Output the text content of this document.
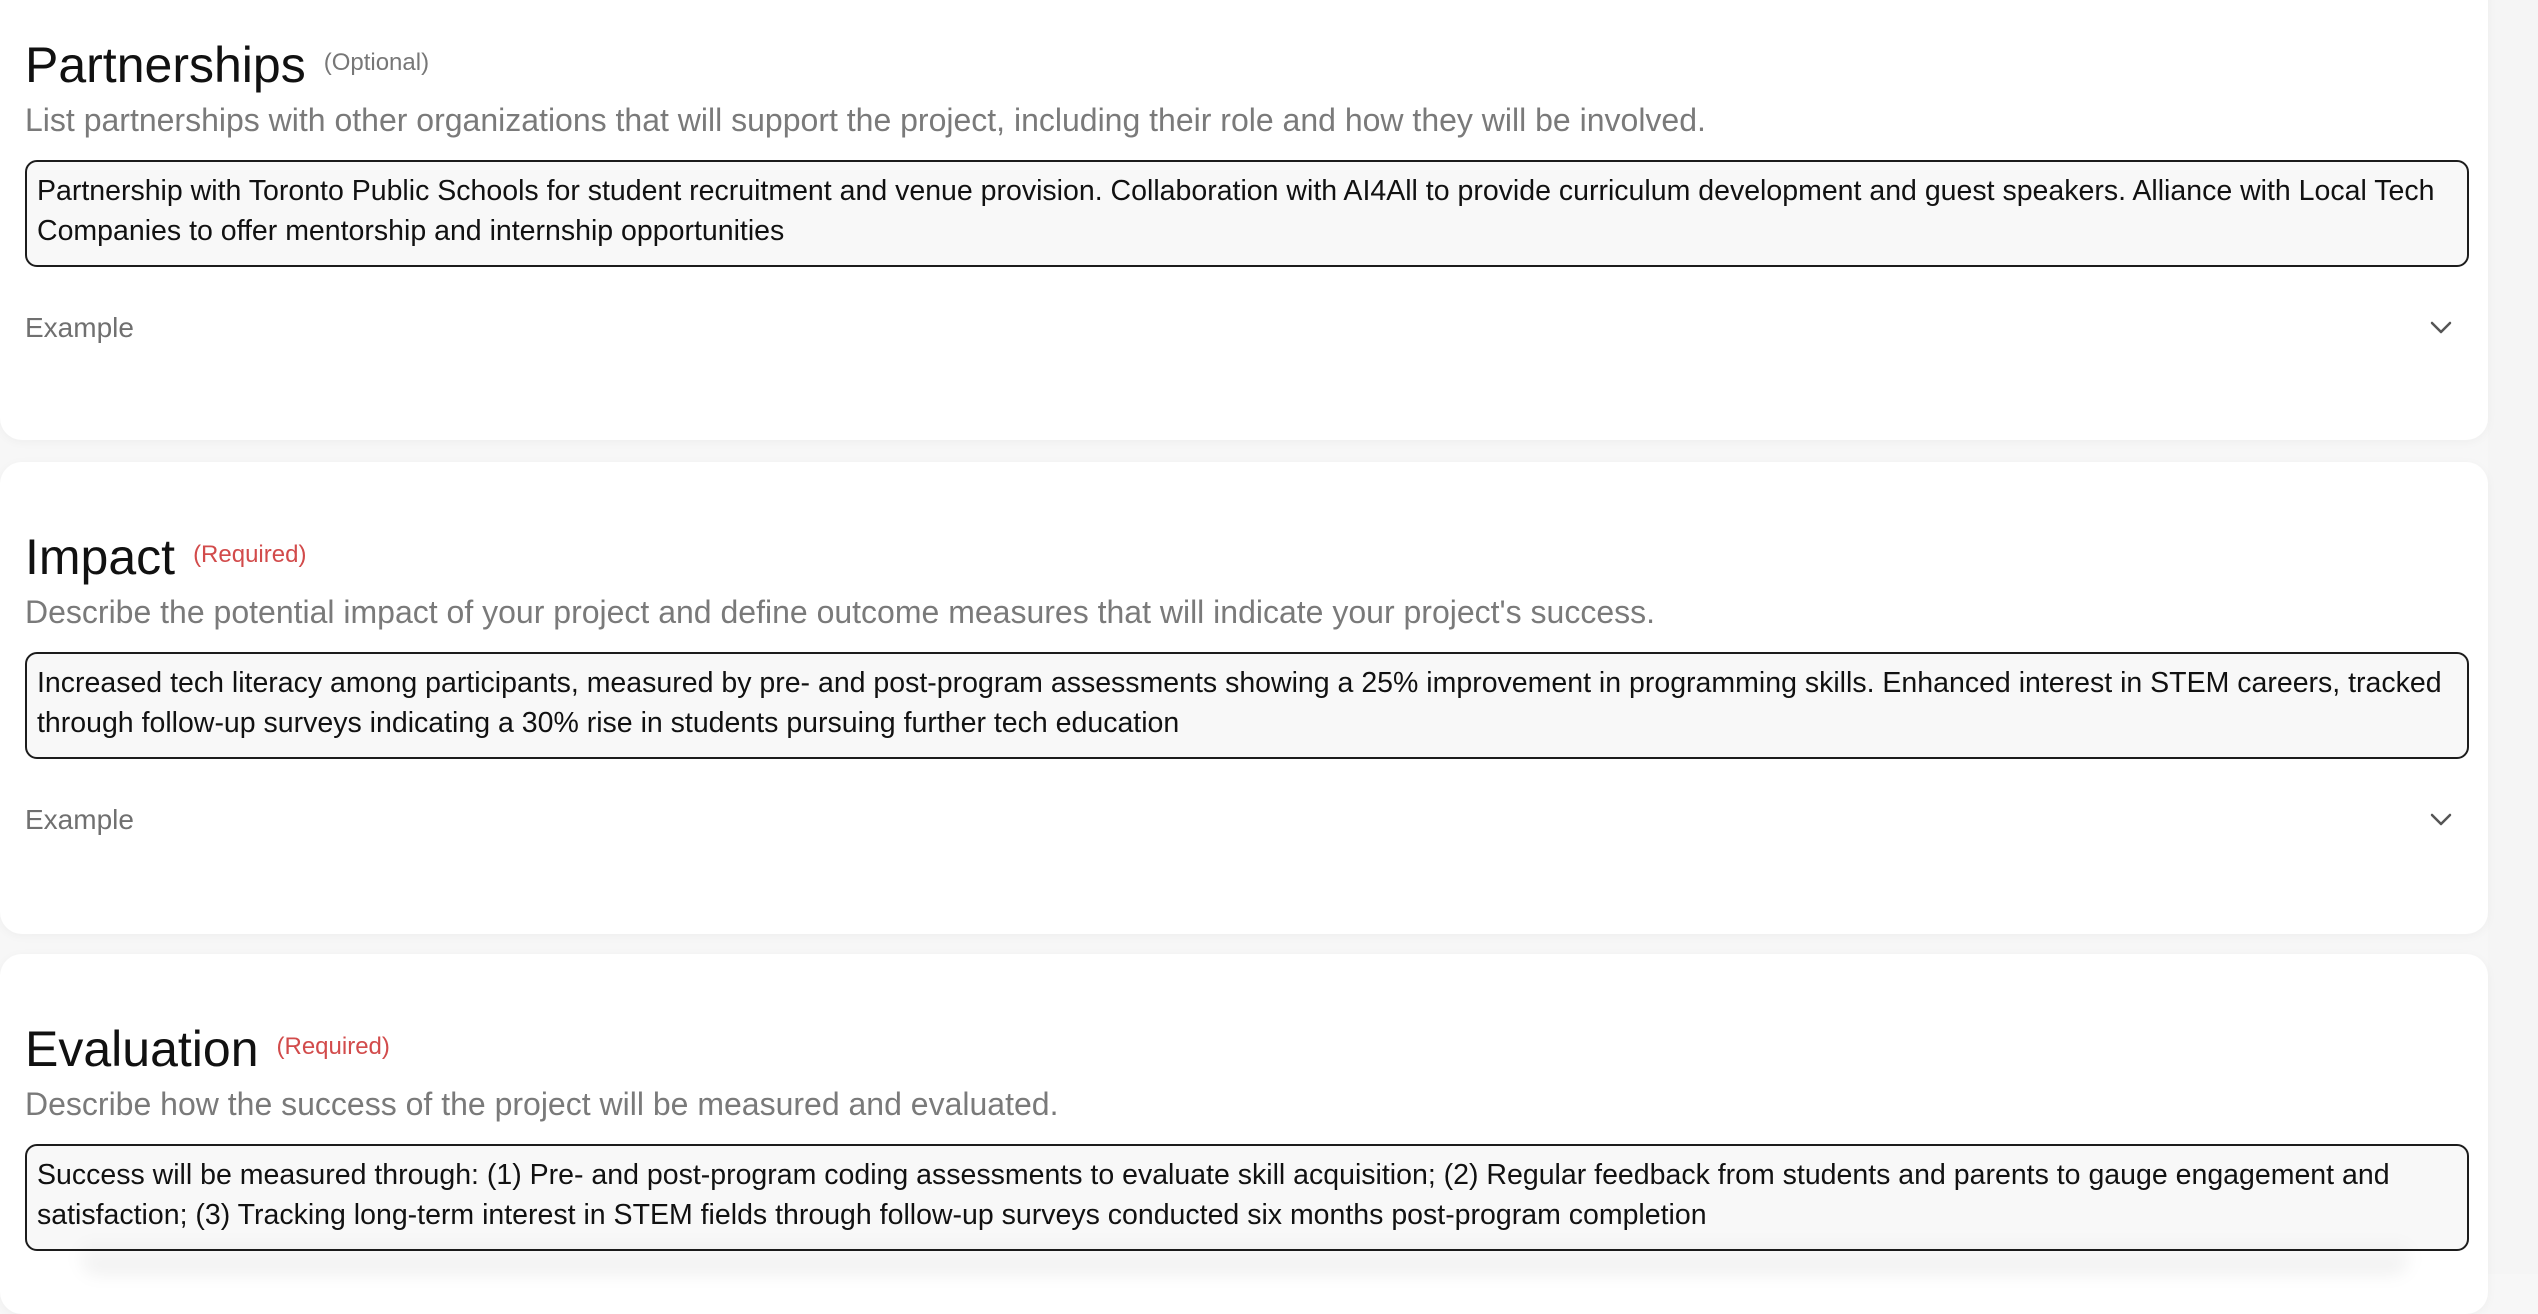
Partnerships (Optional)
List partnerships with other organizations that will support the project, including their role and how they will be involved.
Partnership with Toronto Public Schools for student recruitment and venue provision. Collaboration with AI4All to provide curriculum development and guest speakers. Alliance with Local Tech Companies to offer mentorship and internship opportunities
Example
Impact (Required)
Describe the potential impact of your project and define outcome measures that will indicate your project's success.
Increased tech literacy among participants, measured by pre- and post-program assessments showing a 25% improvement in programming skills. Enhanced interest in STEM careers, tracked through follow-up surveys indicating a 30% rise in students pursuing further tech education
Example
Evaluation (Required)
Describe how the success of the project will be measured and evaluated.
Success will be measured through: (1) Pre- and post-program coding assessments to evaluate skill acquisition; (2) Regular feedback from students and parents to gauge engagement and satisfaction; (3) Tracking long-term interest in STEM fields through follow-up surveys conducted six months post-program completion
